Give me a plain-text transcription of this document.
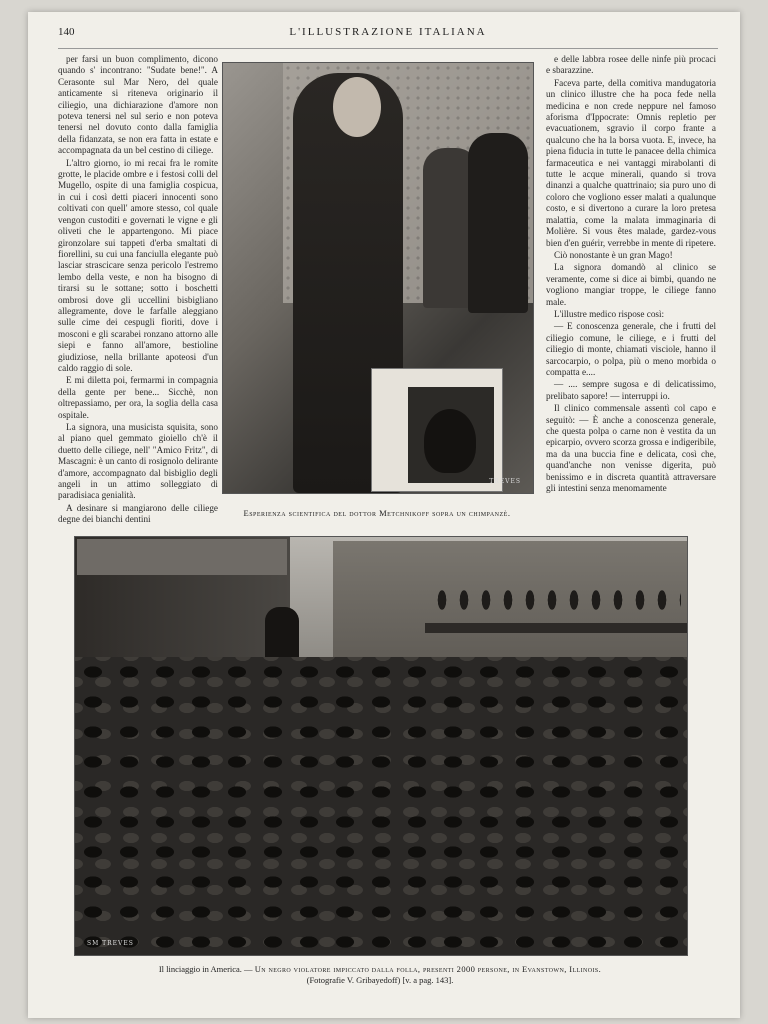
140	L'ILLUSTRAZIONE ITALIANA

per farsi un buon complimento, dicono quando s' incontrano: "Sudate bene!". A Cerasonte sul Mar Nero, del quale anticamente si riteneva originario il ciliegio, una dichiarazione d'amore non poteva tenersi nel sul serio e non poteva tenersi nel dovuto conto dalla famiglia della fidanzata, se non era fatta in estate e accompagnata da un bel cestino di ciliege.

L'altro giorno, io mi recai fra le romite grotte, le placide ombre e i festosi colli del Mugello, ospite di una famiglia cospicua, in cui i così detti piaceri innocenti sono coltivati con quell' amore stesso, col quale vengon custoditi e governati le vigne e gli oliveti che le appartengono. Mi piace gironzolare sui tappeti d'erba smaltati di fiorellini, su cui una fanciulla elegante può lasciar strascicare senza pericolo l'estremo lembo della veste, e non ha bisogno di tirarsi su le sottane; sotto i boschetti ombrosi dove gli uccellini bisbigliano allegramente, dove le farfalle aleggiano sulle cime dei cespugli fioriti, dove i mosconi e gli scarabei ronzano attorno alle siepi e fanno all'amore, bestioline giudiziose, nella brillante apoteosi d'un caldo raggio di sole.

E mi diletta poi, fermarmi in compagnia della gente per bene... Sicchè, non oltrepassiamo, per ora, la soglia della casa ospitale.

La signora, una musicista squisita, sono al piano quel gemmato gioiello ch'è il duetto delle ciliege, nell' "Amico Fritz", di Mascagni: è un canto di rosignolo delirante d'amore, accompagnato dal bisbiglio degli angeli in un attimo solleggiato di paradisiaca genialità.

A desinare si mangiarono delle ciliege degne dei bianchi dentini

TREVES
Esperienza scientifica del dottor Metchnikoff sopra un chimpanzè.

e delle labbra rosee delle ninfe più procaci e sbarazzine.

Faceva parte, della comitiva mandugatoria un clinico illustre che ha poca fede nella medicina e non crede neppure nel famoso aforisma d'Ippocrate: Omnis repletio per evacuationem, sgravio il corpo frante a qualcuno che ha la borsa vuota. E, invece, ha piena fiducia in tutte le panacee della chimica farmaceutica e nei vantaggi mirabolanti di tutte le acque minerali, quando si trova dinanzi a qualche quattrinaio; sia puro uno di coloro che vogliono esser malati a qualunque costo, e si divertono a curare la loro pretesa malattia, come la malata immaginaria di Molière. Si vous êtes malade, gardez-vous bien d'en guérir, verrebbe in mente di ripetere.

Ciò nonostante è un gran Mago!

La signora domandò al clinico se veramente, come si dice ai bimbi, quando ne vogliono mangiar troppe, le ciliege fanno male.

L'illustre medico rispose così:

— E conoscenza generale, che i frutti del ciliegio comune, le ciliege, e i frutti del ciliegio di monte, chiamati visciole, hanno il sarcocarpio, o polpa, più o meno morbida o compatta e....

— .... sempre sugosa e di delicatissimo, prelibato sapore! — interruppi io.

Il clinico commensale assentì col capo e seguitò: — È anche a conoscenza generale, che questa polpa o carne non è vestita da un epicarpio, ovvero scorza grossa e indigeribile, ma da una buccia fine e delicata, così che, quand'anche non venisse digerita, può benissimo e in discreta quantità attraversare gli intestini senza menomamente

SM TREVES
Il linciaggio in America. — Un negro violatore impiccato dalla folla, presenti 2000 persone, in Evanstown, Illinois.
(Fotografie V. Gribayedoff) [v. a pag. 143].
